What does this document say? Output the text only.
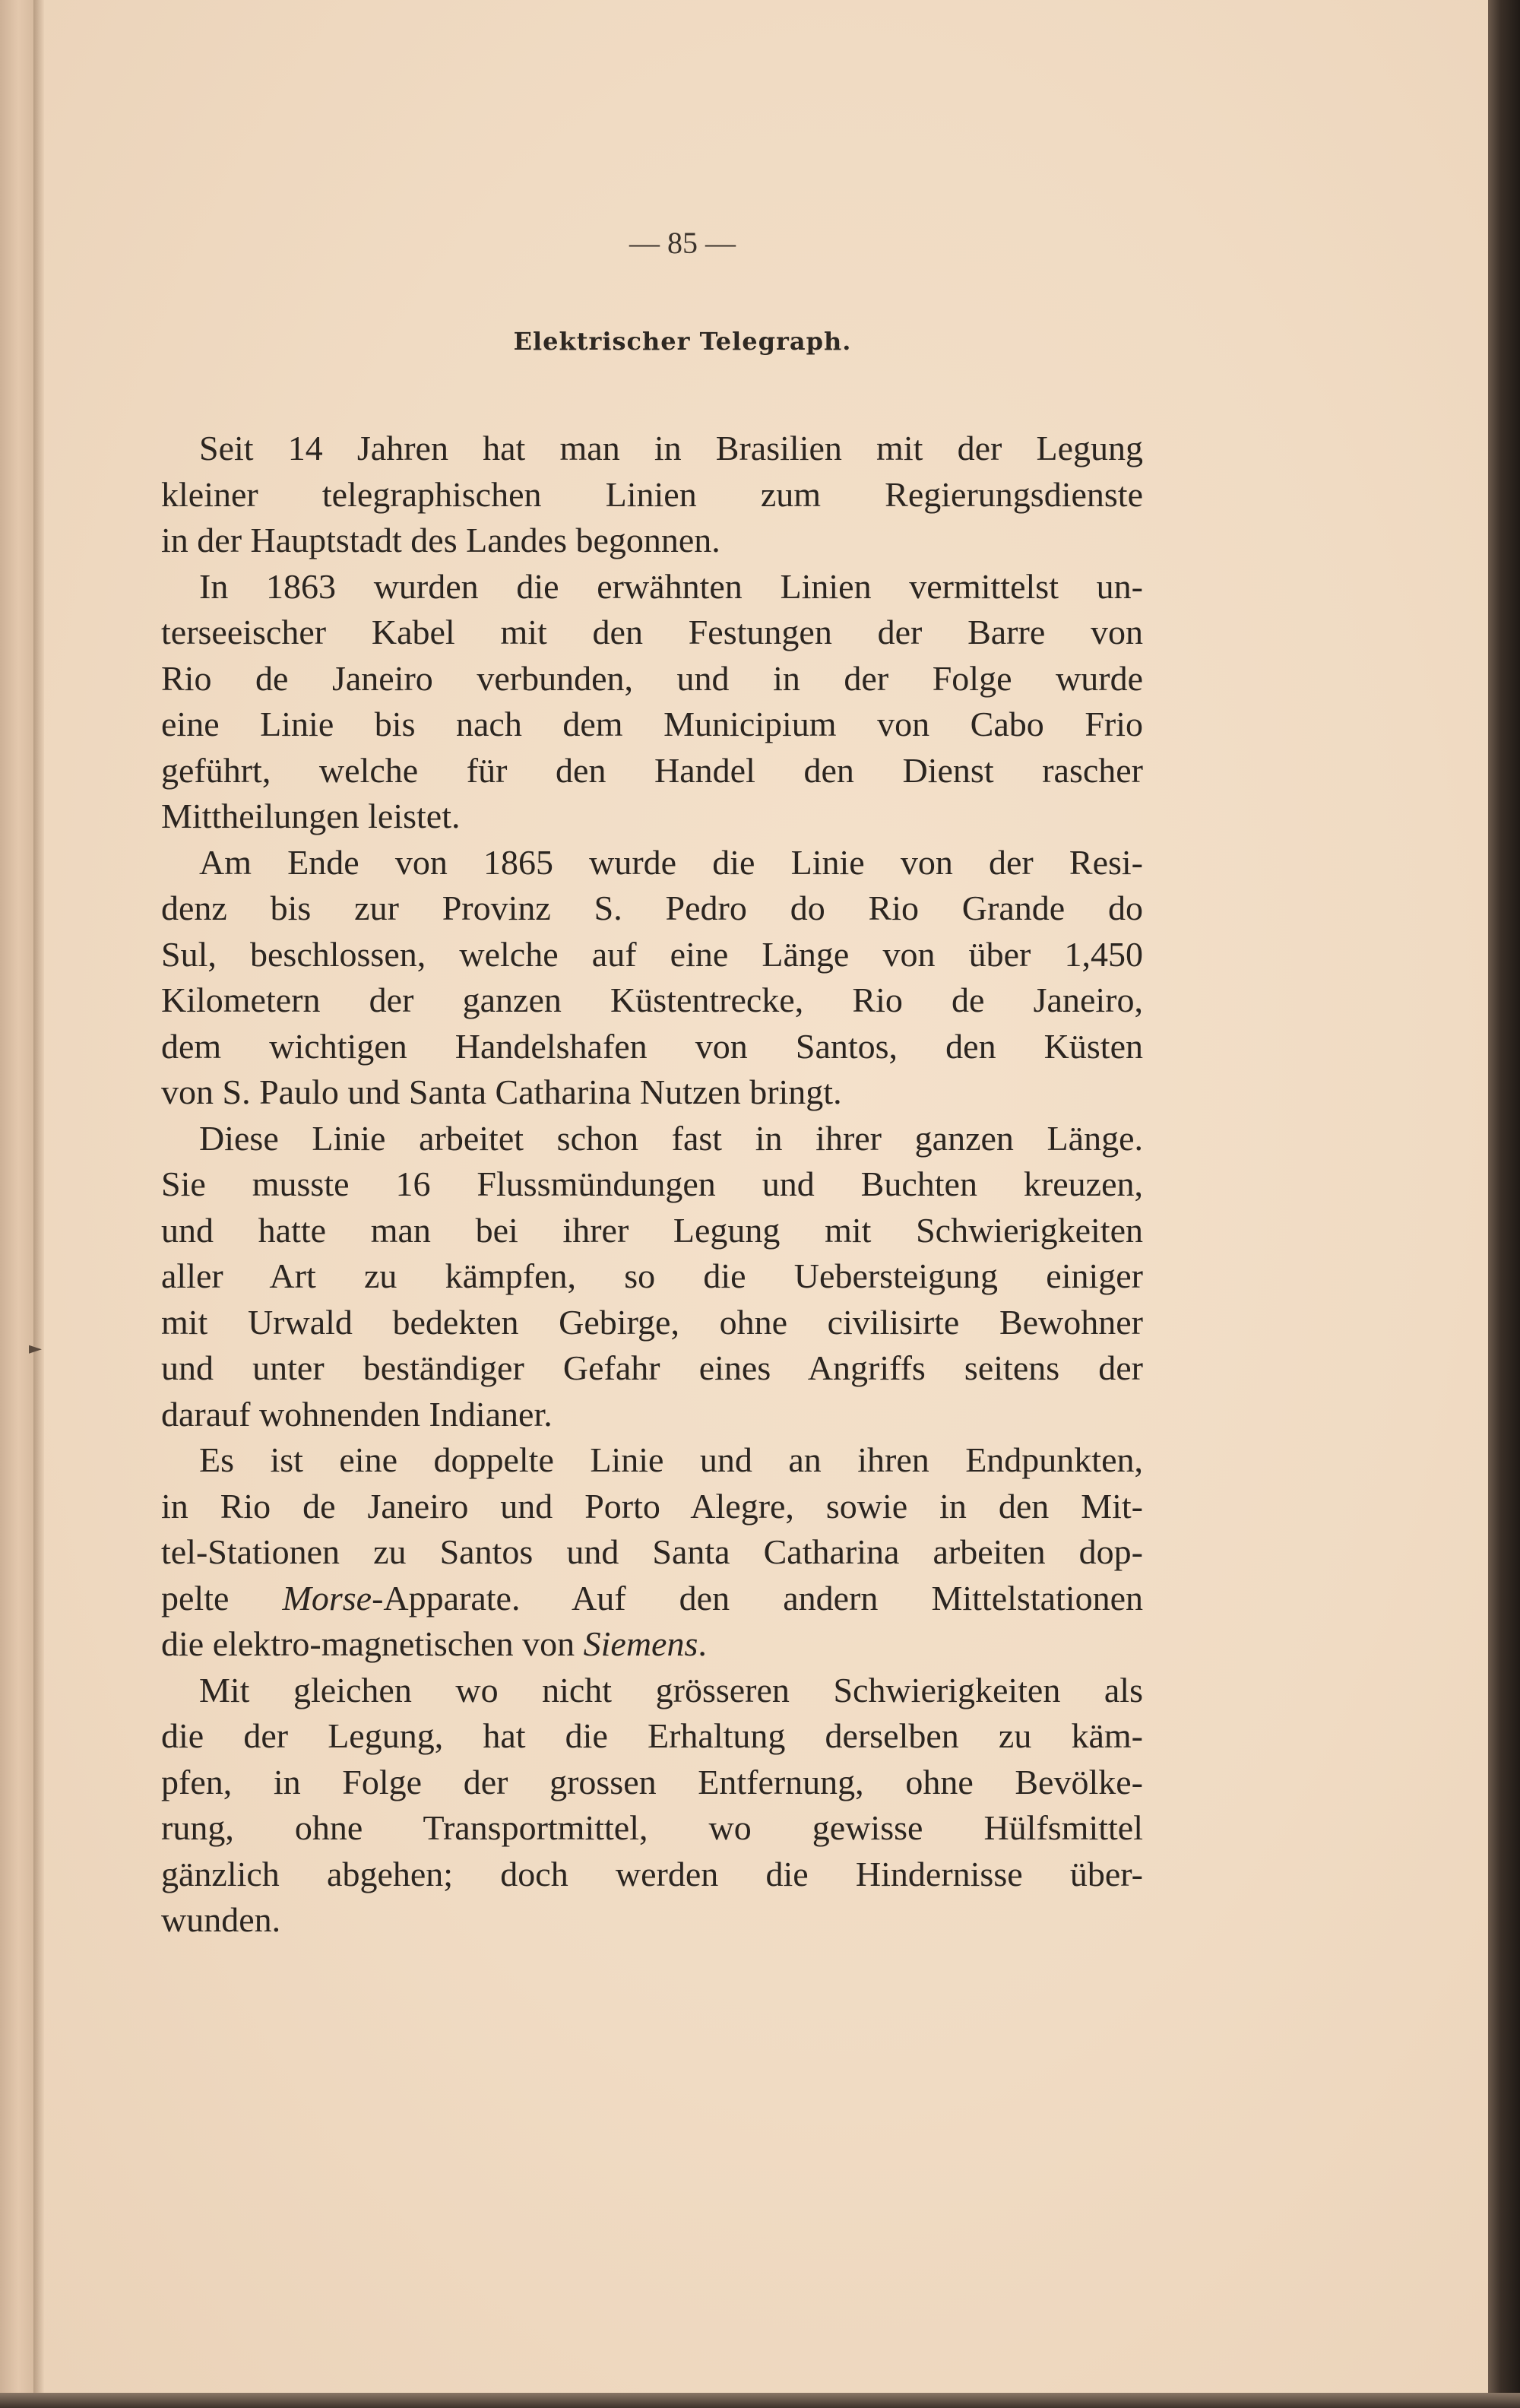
— 85 —
Elektrischer Telegraph.
Seit 14 Jahren hat man in Brasilien mit der Legung
kleiner telegraphischen Linien zum Regierungsdienste
in der Hauptstadt des Landes begonnen.
In 1863 wurden die erwähnten Linien vermittelst un-
terseeischer Kabel mit den Festungen der Barre von
Rio de Janeiro verbunden, und in der Folge wurde
eine Linie bis nach dem Municipium von Cabo Frio
geführt, welche für den Handel den Dienst rascher
Mittheilungen leistet.
Am Ende von 1865 wurde die Linie von der Resi-
denz bis zur Provinz S. Pedro do Rio Grande do
Sul, beschlossen, welche auf eine Länge von über 1,450
Kilometern der ganzen Küstentrecke, Rio de Janeiro,
dem wichtigen Handelshafen von Santos, den Küsten
von S. Paulo und Santa Catharina Nutzen bringt.
Diese Linie arbeitet schon fast in ihrer ganzen Länge.
Sie musste 16 Flussmündungen und Buchten kreuzen,
und hatte man bei ihrer Legung mit Schwierigkeiten
aller Art zu kämpfen, so die Uebersteigung einiger
mit Urwald bedekten Gebirge, ohne civilisirte Bewohner
und unter beständiger Gefahr eines Angriffs seitens der
darauf wohnenden Indianer.
Es ist eine doppelte Linie und an ihren Endpunkten,
in Rio de Janeiro und Porto Alegre, sowie in den Mit-
tel-Stationen zu Santos und Santa Catharina arbeiten dop-
pelte Morse-Apparate. Auf den andern Mittelstationen
die elektro-magnetischen von Siemens.
Mit gleichen wo nicht grösseren Schwierigkeiten als
die der Legung, hat die Erhaltung derselben zu käm-
pfen, in Folge der grossen Entfernung, ohne Bevölke-
rung, ohne Transportmittel, wo gewisse Hülfsmittel
gänzlich abgehen; doch werden die Hindernisse über-
wunden.
►
